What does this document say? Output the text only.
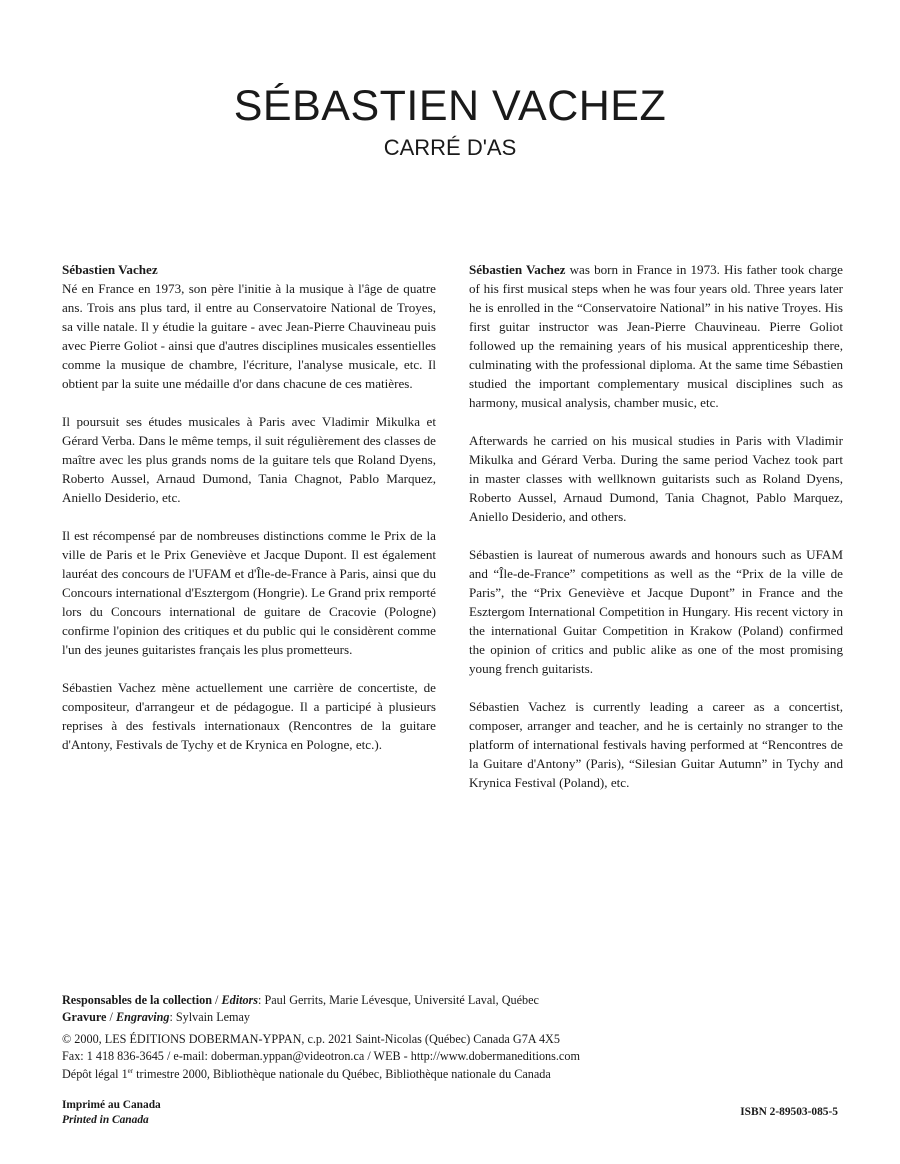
SÉBASTIEN VACHEZ
CARRÉ D'AS
Sébastien Vachez
Né en France en 1973, son père l'initie à la musique à l'âge de quatre ans. Trois ans plus tard, il entre au Conservatoire National de Troyes, sa ville natale. Il y étudie la guitare - avec Jean-Pierre Chauvineau puis avec Pierre Goliot - ainsi que d'autres disciplines musicales essentielles comme la musique de chambre, l'écriture, l'analyse musicale, etc. Il obtient par la suite une médaille d'or dans chacune de ces matières.

Il poursuit ses études musicales à Paris avec Vladimir Mikulka et Gérard Verba. Dans le même temps, il suit régulièrement des classes de maître avec les plus grands noms de la guitare tels que Roland Dyens, Roberto Aussel, Arnaud Dumond, Tania Chagnot, Pablo Marquez, Aniello Desiderio, etc.

Il est récompensé par de nombreuses distinctions comme le Prix de la ville de Paris et le Prix Geneviève et Jacque Dupont. Il est également lauréat des concours de l'UFAM et d'Île-de-France à Paris, ainsi que du Concours international d'Esztergom (Hongrie). Le Grand prix remporté lors du Concours international de guitare de Cracovie (Pologne) confirme l'opinion des critiques et du public qui le considèrent comme l'un des jeunes guitaristes français les plus prometteurs.

Sébastien Vachez mène actuellement une carrière de concertiste, de compositeur, d'arrangeur et de pédagogue. Il a participé à plusieurs reprises à des festivals internationaux (Rencontres de la guitare d'Antony, Festivals de Tychy et de Krynica en Pologne, etc.).

Sébastien Vachez was born in France in 1973. His father took charge of his first musical steps when he was four years old. Three years later he is enrolled in the “Conservatoire National” in his native Troyes. His first guitar instructor was Jean-Pierre Chauvineau. Pierre Goliot followed up the remaining years of his musical apprenticeship there, culminating with the professional diploma. At the same time Sébastien studied the important complementary musical disciplines such as harmony, musical analysis, chamber music, etc.

Afterwards he carried on his musical studies in Paris with Vladimir Mikulka and Gérard Verba. During the same period Vachez took part in master classes with wellknown guitarists such as Roland Dyens, Roberto Aussel, Arnaud Dumond, Tania Chagnot, Pablo Marquez, Aniello Desiderio, and others.

Sébastien is laureat of numerous awards and honours such as UFAM and “Île-de-France” competitions as well as the “Prix de la ville de Paris”, the “Prix Geneviève et Jacque Dupont” in France and the Esztergom International Competition in Hungary. His recent victory in the international Guitar Competition in Krakow (Poland) confirmed the opinion of critics and public alike as one of the most promising young french guitarists.

Sébastien Vachez is currently leading a career as a concertist, composer, arranger and teacher, and he is certainly no stranger to the platform of international festivals having performed at “Rencontres de la Guitare d'Antony” (Paris), “Silesian Guitar Autumn” in Tychy and Krynica Festival (Poland), etc.

Responsables de la collection / Editors: Paul Gerrits, Marie Lévesque, Université Laval, Québec
Gravure / Engraving: Sylvain Lemay
© 2000, LES ÉDITIONS DOBERMAN-YPPAN, c.p. 2021 Saint-Nicolas (Québec) Canada G7A 4X5
Fax: 1 418 836-3645 / e-mail: doberman.yppan@videotron.ca / WEB - http://www.dobermaneditions.com
Dépôt légal 1er trimestre 2000, Bibliothèque nationale du Québec, Bibliothèque nationale du Canada
Imprimé au Canada
Printed in Canada
ISBN 2-89503-085-5
